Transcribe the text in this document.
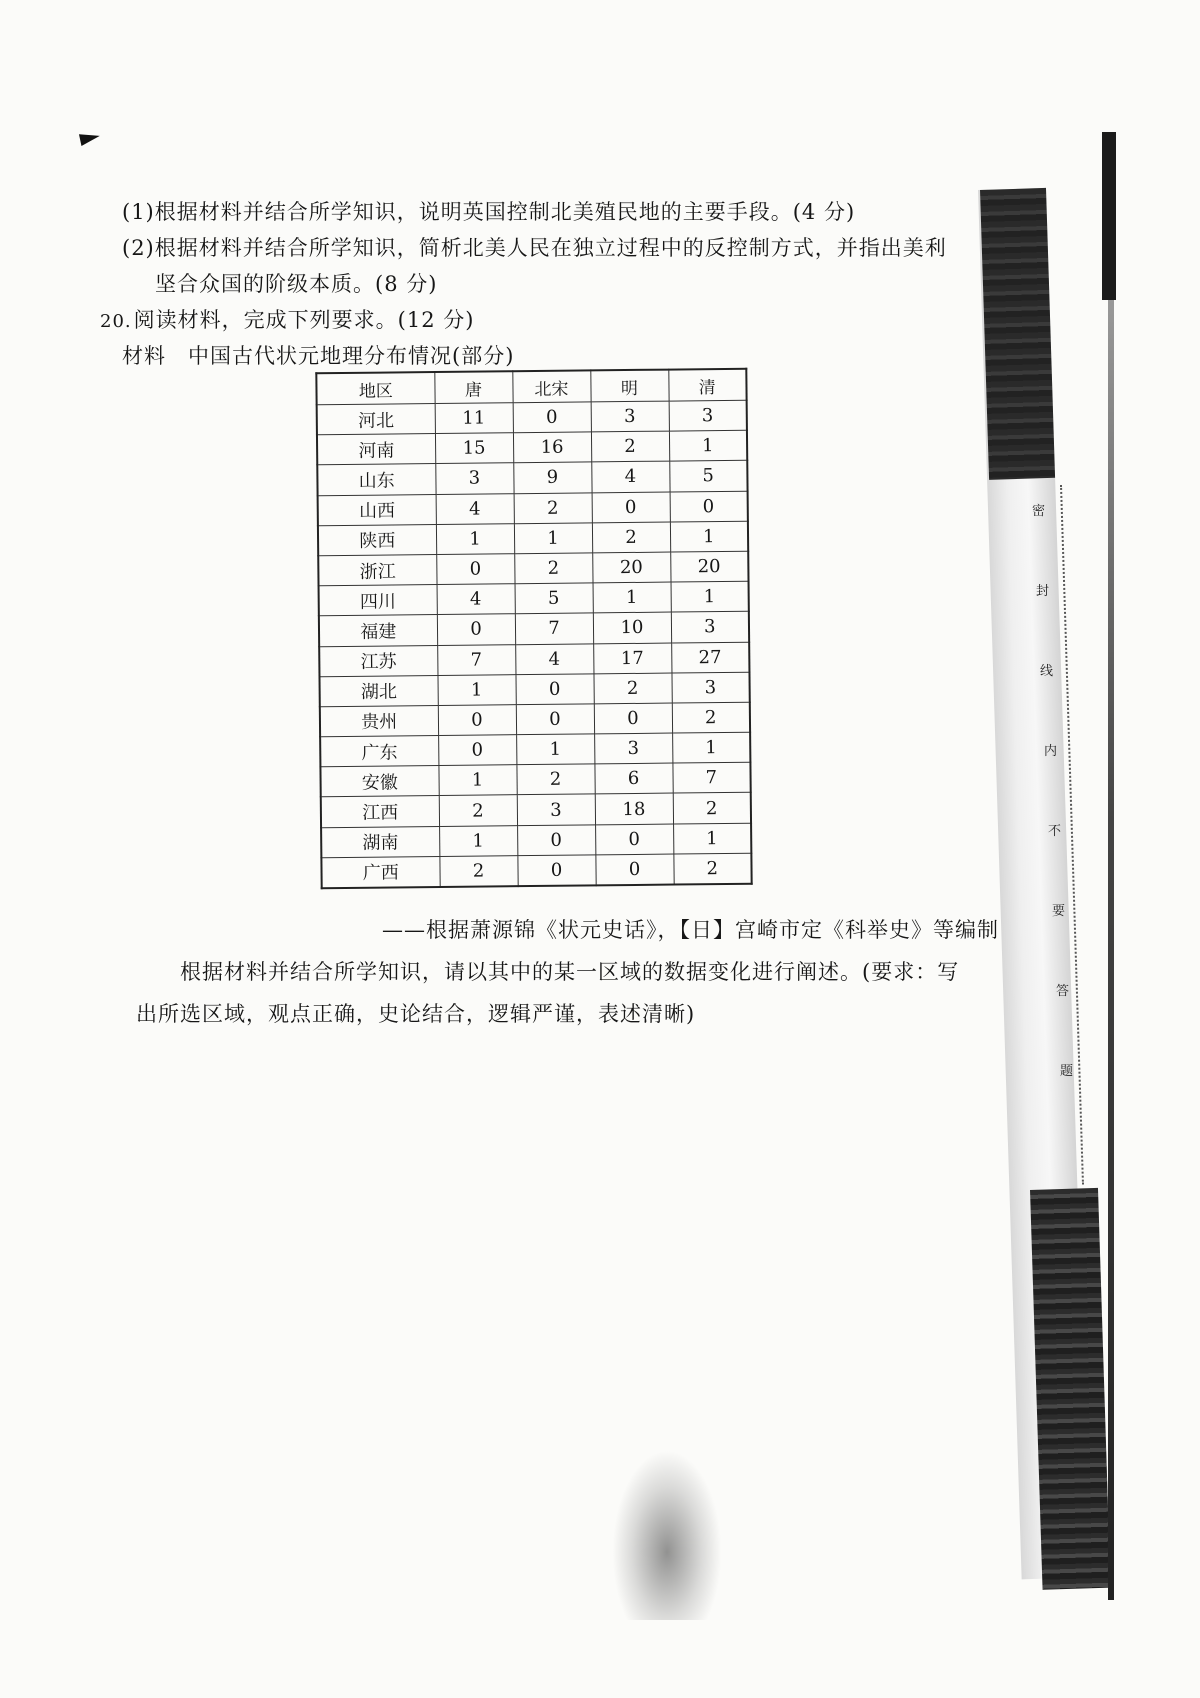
(1)根据材料并结合所学知识，说明英国控制北美殖民地的主要手段。(4 分)
(2)根据材料并结合所学知识，简析北美人民在独立过程中的反控制方式，并指出美利
坚合众国的阶级本质。(8 分)
20.阅读材料，完成下列要求。(12 分)
材料 中国古代状元地理分布情况(部分)
地区	唐	北宋	明	清
河北	11	0	3	3
河南	15	16	2	1
山东	3	9	4	5
山西	4	2	0	0
陕西	1	1	2	1
浙江	0	2	20	20
四川	4	5	1	1
福建	0	7	10	3
江苏	7	4	17	27
湖北	1	0	2	3
贵州	0	0	0	2
广东	0	1	3	1
安徽	1	2	6	7
江西	2	3	18	2
湖南	1	0	0	1
广西	2	0	0	2
——根据萧源锦《状元史话》，【日】宫崎市定《科举史》等编制
根据材料并结合所学知识，请以其中的某一区域的数据变化进行阐述。(要求：写
出所选区域，观点正确，史论结合，逻辑严谨，表述清晰)
密
封
线
内
不
要
答
题
